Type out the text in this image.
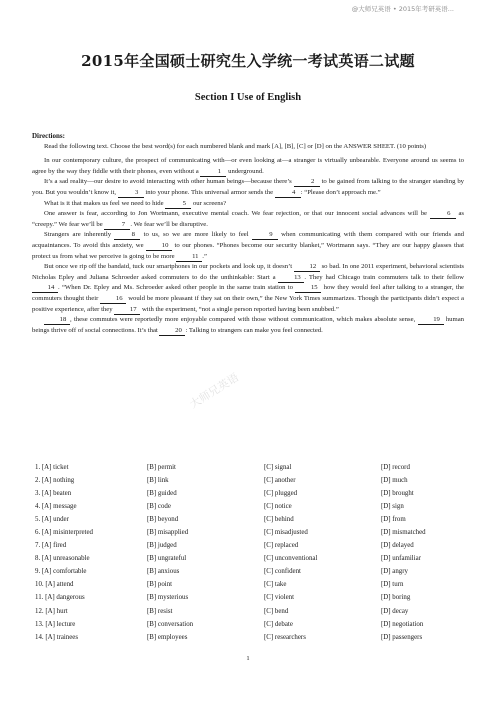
@大师兄英语 • 2015年考研英语...
2015年全国硕士研究生入学统一考试英语二试题
Section I Use of English

Directions:

Read the following text. Choose the best word(s) for each numbered blank and mark [A], [B], [C] or [D] on the ANSWER SHEET. (10 points)

In our contemporary culture, the prospect of communicating with—or even looking at—a stranger is virtually unbearable. Everyone around us seems to agree by the way they fiddle with their phones, even without a	1 underground.

It’s a sad reality—our desire to avoid interacting with other human beings—because there’s	2 to be gained from talking to the stranger standing by you. But you wouldn’t know it,	3 into your phone. This universal armor sends the	4 : “Please don’t approach me.”

What is it that makes us feel we need to hide	5 our screens?

One answer is fear, according to Jon Wortmann, executive mental coach. We fear rejection, or that our innocent social advances will be	6 as “creepy.” We fear we’ll be	7 . We fear we’ll be disruptive.

Strangers are inherently	8 to us, so we are more likely to feel	9 when communicating with them compared with our friends and acquaintances. To avoid this anxiety, we	10 to our phones. “Phones become our security blanket,” Wortmann says. “They are our happy glasses that protect us from what we perceive is going to be more	11 .”

But once we rip off the bandaid, tuck our smartphones in our pockets and look up, it doesn’t	12 so bad. In one 2011 experiment, behavioral scientists Nicholas Epley and Juliana Schroeder asked commuters to do the unthinkable: Start a	13 . They had Chicago train commuters talk to their fellow 14 . “When Dr. Epley and Ms. Schroeder asked other people in the same train station to	15 how they would feel after talking to a stranger, the commuters thought their	16 would be more pleasant if they sat on their own,” the New York Times summarizes. Though the participants didn’t expect a positive experience, after they	17 with the experiment, “not a single person reported having been snubbed.”

18 , these commutes were reportedly more enjoyable compared with those without communication, which makes absolute sense,	19 human beings thrive off of social connections. It’s that	20 : Talking to strangers can make you feel connected.

1. [A] ticket	[B] permit	[C] signal	[D] record
2. [A] nothing	[B] link	[C] another	[D] much
3. [A] beaten	[B] guided	[C] plugged	[D] brought
4. [A] message	[B] code	[C] notice	[D] sign
5. [A] under	[B] beyond	[C] behind	[D] from
6. [A] misinterpreted	[B] misapplied	[C] misadjusted	[D] mismatched
7. [A] fired	[B] judged	[C] replaced	[D] delayed
8. [A] unreasonable	[B] ungrateful	[C] unconventional	[D] unfamiliar
9. [A] comfortable	[B] anxious	[C] confident	[D] angry
10. [A] attend	[B] point	[C] take	[D] turn
11. [A] dangerous	[B] mysterious	[C] violent	[D] boring
12. [A] hurt	[B] resist	[C] bend	[D] decay
13. [A] lecture	[B] conversation	[C] debate	[D] negotiation
14. [A] trainees	[B] employees	[C] researchers	[D] passengers
1
大师兄英语
